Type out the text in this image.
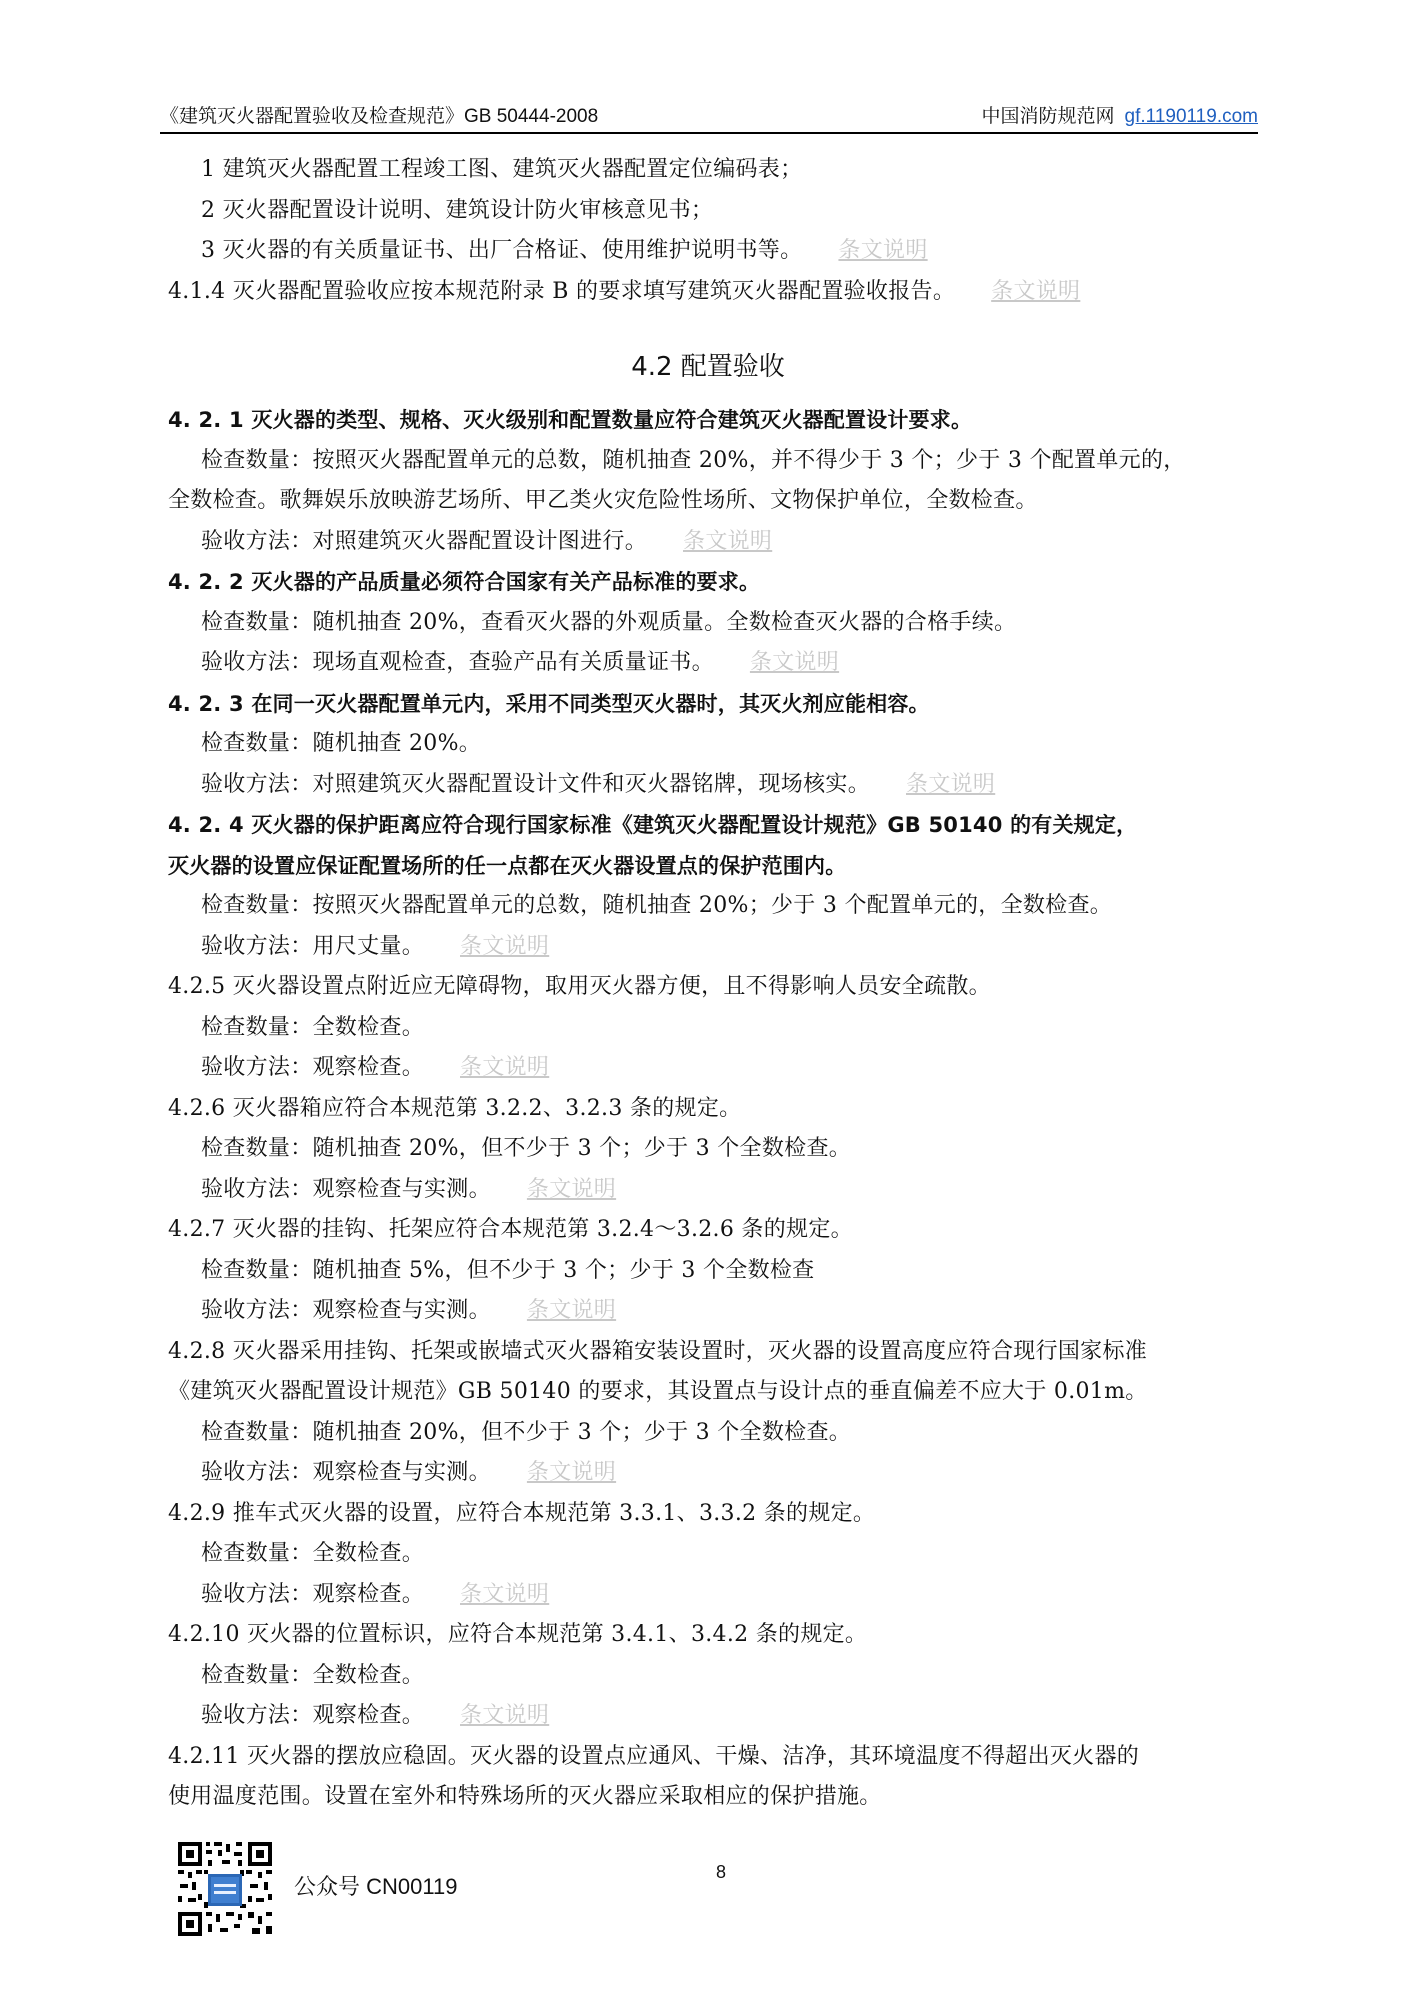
《建筑灭火器配置验收及检查规范》GB 50444-2008	中国消防规范网 gf.1190119.com
1 建筑灭火器配置工程竣工图、建筑灭火器配置定位编码表；
2 灭火器配置设计说明、建筑设计防火审核意见书；
3 灭火器的有关质量证书、出厂合格证、使用维护说明书等。 条文说明
4.1.4 灭火器配置验收应按本规范附录 B 的要求填写建筑灭火器配置验收报告。 条文说明
4.2 配置验收
4. 2. 1 灭火器的类型、规格、灭火级别和配置数量应符合建筑灭火器配置设计要求。
检查数量：按照灭火器配置单元的总数，随机抽查 20%，并不得少于 3 个；少于 3 个配置单元的，
全数检查。歌舞娱乐放映游艺场所、甲乙类火灾危险性场所、文物保护单位，全数检查。
验收方法：对照建筑灭火器配置设计图进行。 条文说明
4. 2. 2 灭火器的产品质量必须符合国家有关产品标准的要求。
检查数量：随机抽查 20%，查看灭火器的外观质量。全数检查灭火器的合格手续。
验收方法：现场直观检查，查验产品有关质量证书。 条文说明
4. 2. 3 在同一灭火器配置单元内，采用不同类型灭火器时，其灭火剂应能相容。
检查数量：随机抽查 20%。
验收方法：对照建筑灭火器配置设计文件和灭火器铭牌，现场核实。 条文说明
4. 2. 4 灭火器的保护距离应符合现行国家标准《建筑灭火器配置设计规范》GB 50140 的有关规定，
灭火器的设置应保证配置场所的任一点都在灭火器设置点的保护范围内。
检查数量：按照灭火器配置单元的总数，随机抽查 20%；少于 3 个配置单元的，全数检查。
验收方法：用尺丈量。 条文说明
4.2.5 灭火器设置点附近应无障碍物，取用灭火器方便，且不得影响人员安全疏散。
检查数量：全数检查。
验收方法：观察检查。 条文说明
4.2.6 灭火器箱应符合本规范第 3.2.2、3.2.3 条的规定。
检查数量：随机抽查 20%，但不少于 3 个；少于 3 个全数检查。
验收方法：观察检查与实测。 条文说明
4.2.7 灭火器的挂钩、托架应符合本规范第 3.2.4～3.2.6 条的规定。
检查数量：随机抽查 5%，但不少于 3 个；少于 3 个全数检查
验收方法：观察检查与实测。 条文说明
4.2.8 灭火器采用挂钩、托架或嵌墙式灭火器箱安装设置时，灭火器的设置高度应符合现行国家标准
《建筑灭火器配置设计规范》GB 50140 的要求，其设置点与设计点的垂直偏差不应大于 0.01m。
检查数量：随机抽查 20%，但不少于 3 个；少于 3 个全数检查。
验收方法：观察检查与实测。 条文说明
4.2.9 推车式灭火器的设置，应符合本规范第 3.3.1、3.3.2 条的规定。
检查数量：全数检查。
验收方法：观察检查。 条文说明
4.2.10 灭火器的位置标识，应符合本规范第 3.4.1、3.4.2 条的规定。
检查数量：全数检查。
验收方法：观察检查。 条文说明
4.2.11 灭火器的摆放应稳固。灭火器的设置点应通风、干燥、洁净，其环境温度不得超出灭火器的
使用温度范围。设置在室外和特殊场所的灭火器应采取相应的保护措施。
公众号 CN00119
8
